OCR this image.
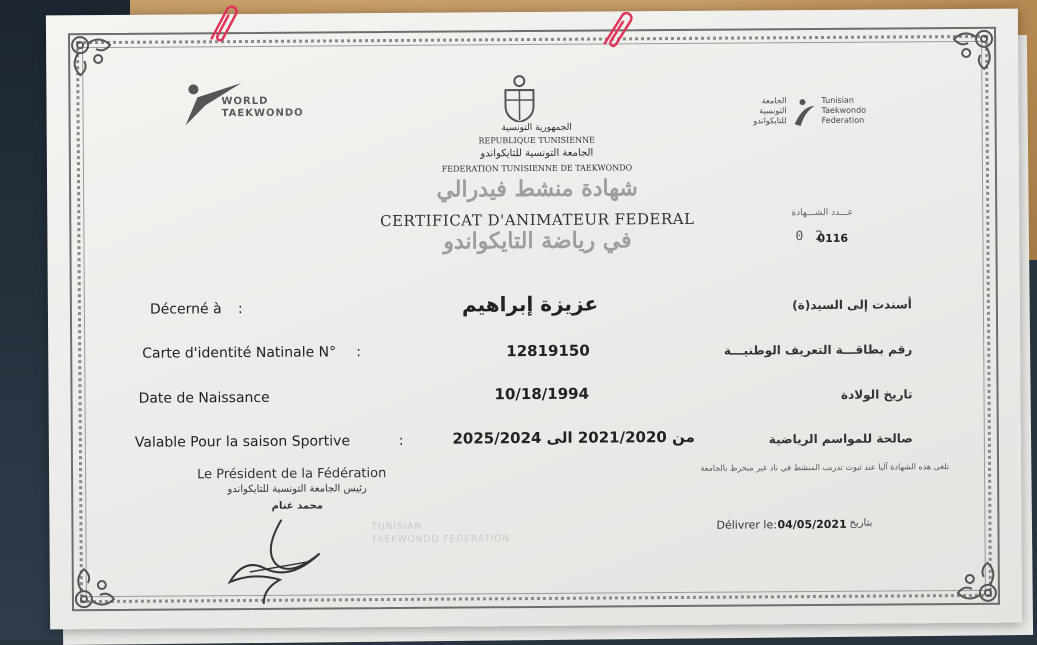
WORLD TAEKWONDO
الجامعة التونسية للتايكواندو
Tunisian Taekwondo Federation
الجمهورية التونسية
REPUBLIQUE TUNISIENNE
الجامعة التونسية للتايكواندو
FEDERATION TUNISIENNE DE TAEKWONDO
شهادة منشط فيدرالي
CERTIFICAT D'ANIMATEUR FEDERAL
في رياضة التايكواندو
عـــدد الشـــهادة
0 2
0116
Décerné à :	عزيزة إبراهيم	أسندت إلى السيد(ة)
Carte d'identité Natinale N° :	12819150	رقم بطاقـــة التعريف الوطنيـــة
Date de Naissance	10/18/1994	تاريخ الولادة
Valable Pour la saison Sportive	:	من 2021/2020 الى 2025/2024	صالحة للمواسم الرياضية
تلغى هذه الشهادة آليا عند ثبوت تدريب المنشط في ناد غير منخرط بالجامعة
Le Président de la Fédération
رئيس الجامعة التونسية للتايكواندو
محمد غنام
TUNISIAN
TAEKWONDO FEDERATION
Délivrer le: 04/05/2021 بتاريخ
